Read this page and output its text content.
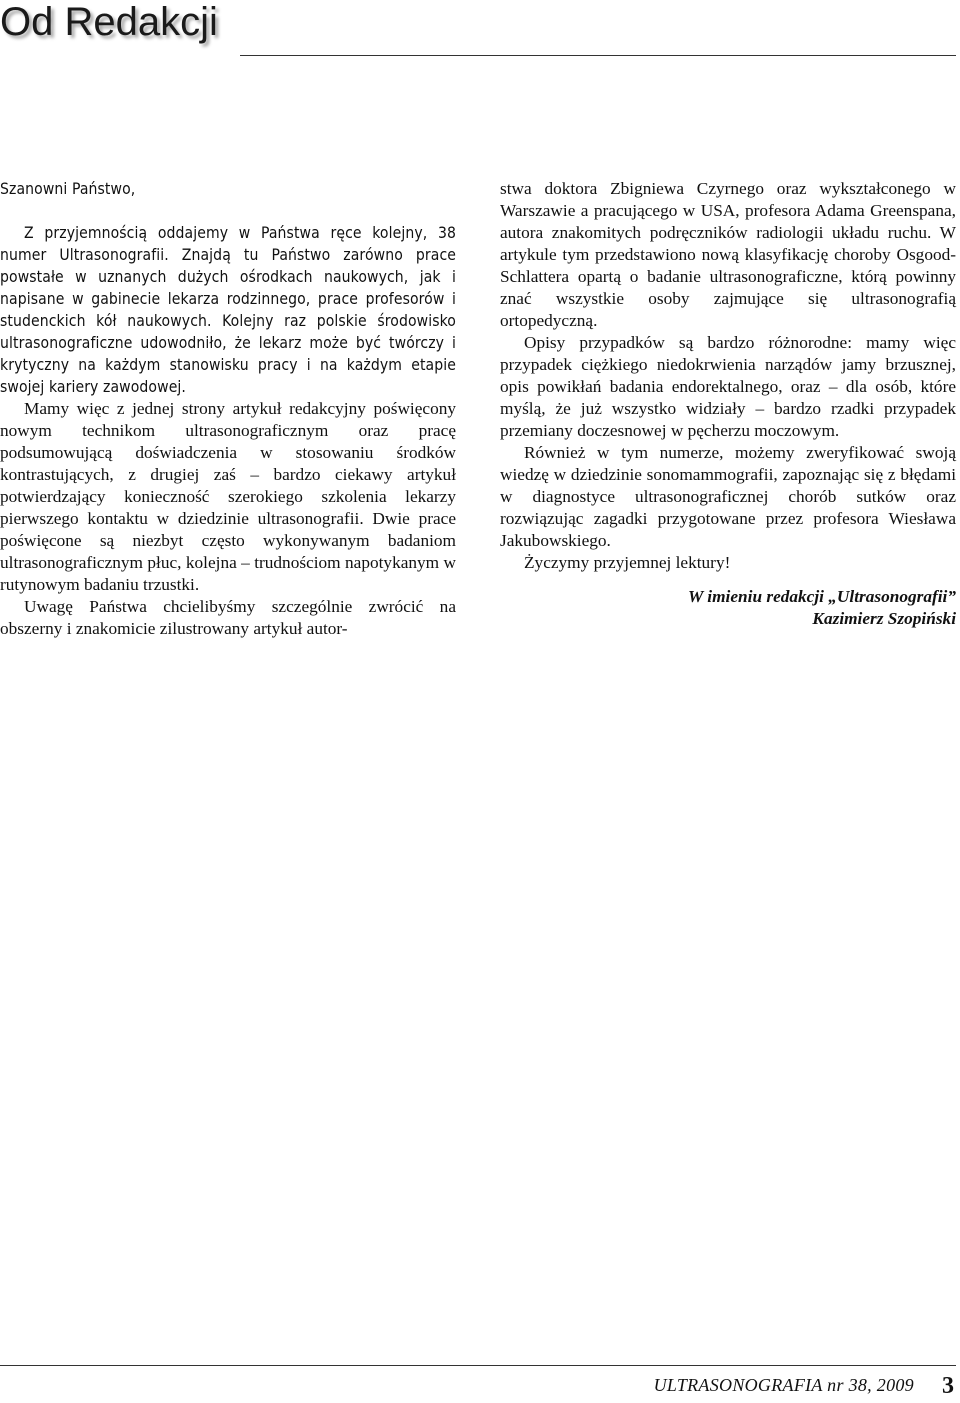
Od Redakcji

Szanowni Państwo,

Z przyjemnością oddajemy w Państwa ręce kolejny, 38 numer Ultrasonografii. Znajdą tu Państwo zarówno prace powstałe w uznanych dużych ośrodkach naukowych, jak i napisane w gabinecie lekarza rodzinnego, prace profesorów i studenckich kół naukowych. Kolejny raz polskie środowisko ultrasonograficzne udowodniło, że lekarz może być twórczy i krytyczny na każdym stanowisku pracy i na każdym etapie swojej kariery zawodowej.

Mamy więc z jednej strony artykuł redakcyjny poświęcony nowym technikom ultrasonograficznym oraz pracę podsumowującą doświadczenia w stosowaniu środków kontrastujących, z drugiej zaś – bardzo ciekawy artykuł potwierdzający konieczność szerokiego szkolenia lekarzy pierwszego kontaktu w dziedzinie ultrasonografii. Dwie prace poświęcone są niezbyt często wykonywanym badaniom ultrasonograficznym płuc, kolejna – trudnościom napotykanym w rutynowym badaniu trzustki.

Uwagę Państwa chcielibyśmy szczególnie zwrócić na obszerny i znakomicie zilustrowany artykuł autor-

stwa doktora Zbigniewa Czyrnego oraz wykształconego w Warszawie a pracującego w USA, profesora Adama Greenspana, autora znakomitych podręczników radiologii układu ruchu. W artykule tym przedstawiono nową klasyfikację choroby Osgood-Schlattera opartą o badanie ultrasonograficzne, którą powinny znać wszystkie osoby zajmujące się ultrasonografią ortopedyczną.

Opisy przypadków są bardzo różnorodne: mamy więc przypadek ciężkiego niedokrwienia narządów jamy brzusznej, opis powikłań badania endorektalnego, oraz – dla osób, które myślą, że już wszystko widziały – bardzo rzadki przypadek przemiany doczesnowej w pęcherzu moczowym.

Również w tym numerze, możemy zweryfikować swoją wiedzę w dziedzinie sonomammografii, zapoznając się z błędami w diagnostyce ultrasonograficznej chorób sutków oraz rozwiązując zagadki przygotowane przez profesora Wiesława Jakubowskiego.

Życzymy przyjemnej lektury!

W imieniu redakcji „Ultrasonografii”
Kazimierz Szopiński
ULTRASONOGRAFIA nr 38, 2009 3
